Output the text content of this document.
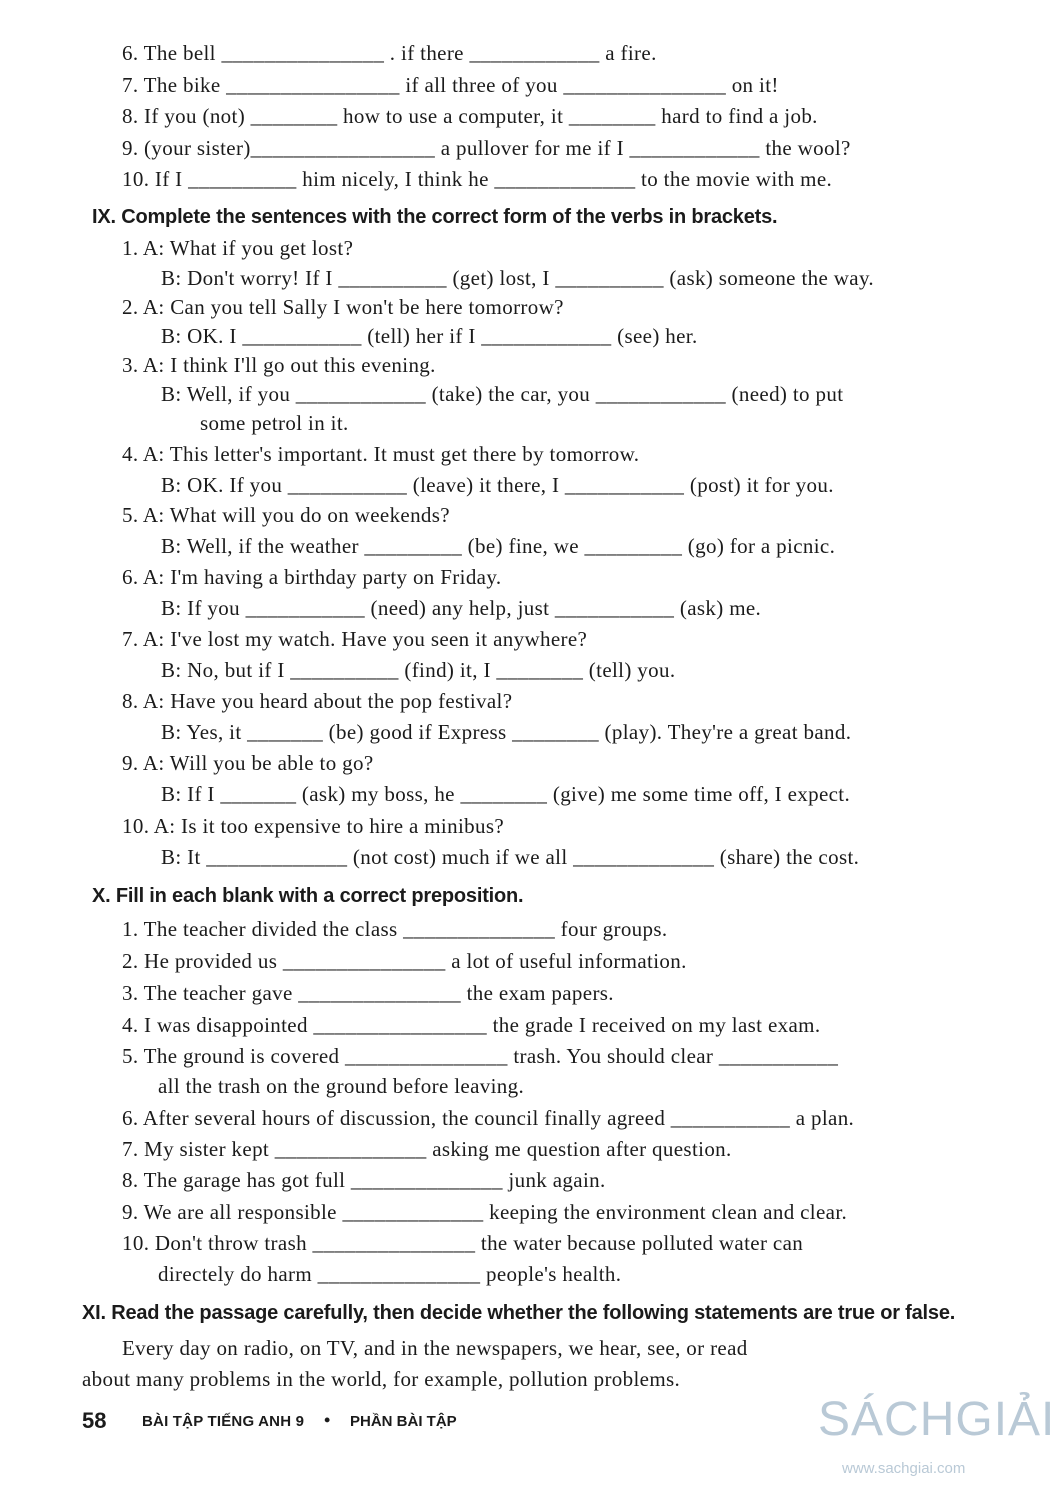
IX. Complete the sentences with the correct form of the verbs in brackets.
X. Fill in each blank with a correct preposition.
XI. Read the passage carefully, then decide whether the following statements are true or false.
6. The bell _______________ . if there ____________ a fire.
7. The bike ________________ if all three of you _______________ on it!
8. If you (not) ________ how to use a computer, it ________ hard to find a job.
9. (your sister)_________________ a pullover for me if I ____________ the wool?
10. If I __________ him nicely, I think he _____________ to the movie with me.
1. A: What if you get lost?
B: Don't worry! If I __________ (get) lost, I __________ (ask) someone the way.
2. A: Can you tell Sally I won't be here tomorrow?
B: OK. I ___________ (tell) her if I ____________ (see) her.
3. A: I think I'll go out this evening.
B: Well, if you ____________ (take) the car, you ____________ (need) to put
some petrol in it.
4. A: This letter's important. It must get there by tomorrow.
B: OK. If you ___________ (leave) it there, I ___________ (post) it for you.
5. A: What will you do on weekends?
B: Well, if the weather _________ (be) fine, we _________ (go) for a picnic.
6. A: I'm having a birthday party on Friday.
B: If you ___________ (need) any help, just ___________ (ask) me.
7. A: I've lost my watch. Have you seen it anywhere?
B: No, but if I __________ (find) it, I ________ (tell) you.
8. A: Have you heard about the pop festival?
B: Yes, it _______ (be) good if Express ________ (play). They're a great band.
9. A: Will you be able to go?
B: If I _______ (ask) my boss, he ________ (give) me some time off, I expect.
10. A: Is it too expensive to hire a minibus?
B: It _____________ (not cost) much if we all _____________ (share) the cost.
1. The teacher divided the class ______________ four groups.
2. He provided us _______________ a lot of useful information.
3. The teacher gave _______________ the exam papers.
4. I was disappointed ________________ the grade I received on my last exam.
5. The ground is covered _______________ trash. You should clear ___________
all the trash on the ground before leaving.
6. After several hours of discussion, the council finally agreed ___________ a plan.
7. My sister kept ______________ asking me question after question.
8. The garage has got full ______________ junk again.
9. We are all responsible _____________ keeping the environment clean and clear.
10. Don't throw trash _______________ the water because polluted water can
directely do harm _______________ people's health.
Every day on radio, on TV, and in the newspapers, we hear, see, or read
about many problems in the world, for example, pollution problems.
58 BÀI TẬP TIẾNG ANH 9 • PHẦN BÀI TẬP	SÁCHGIẢI
www.sachgiai.com
